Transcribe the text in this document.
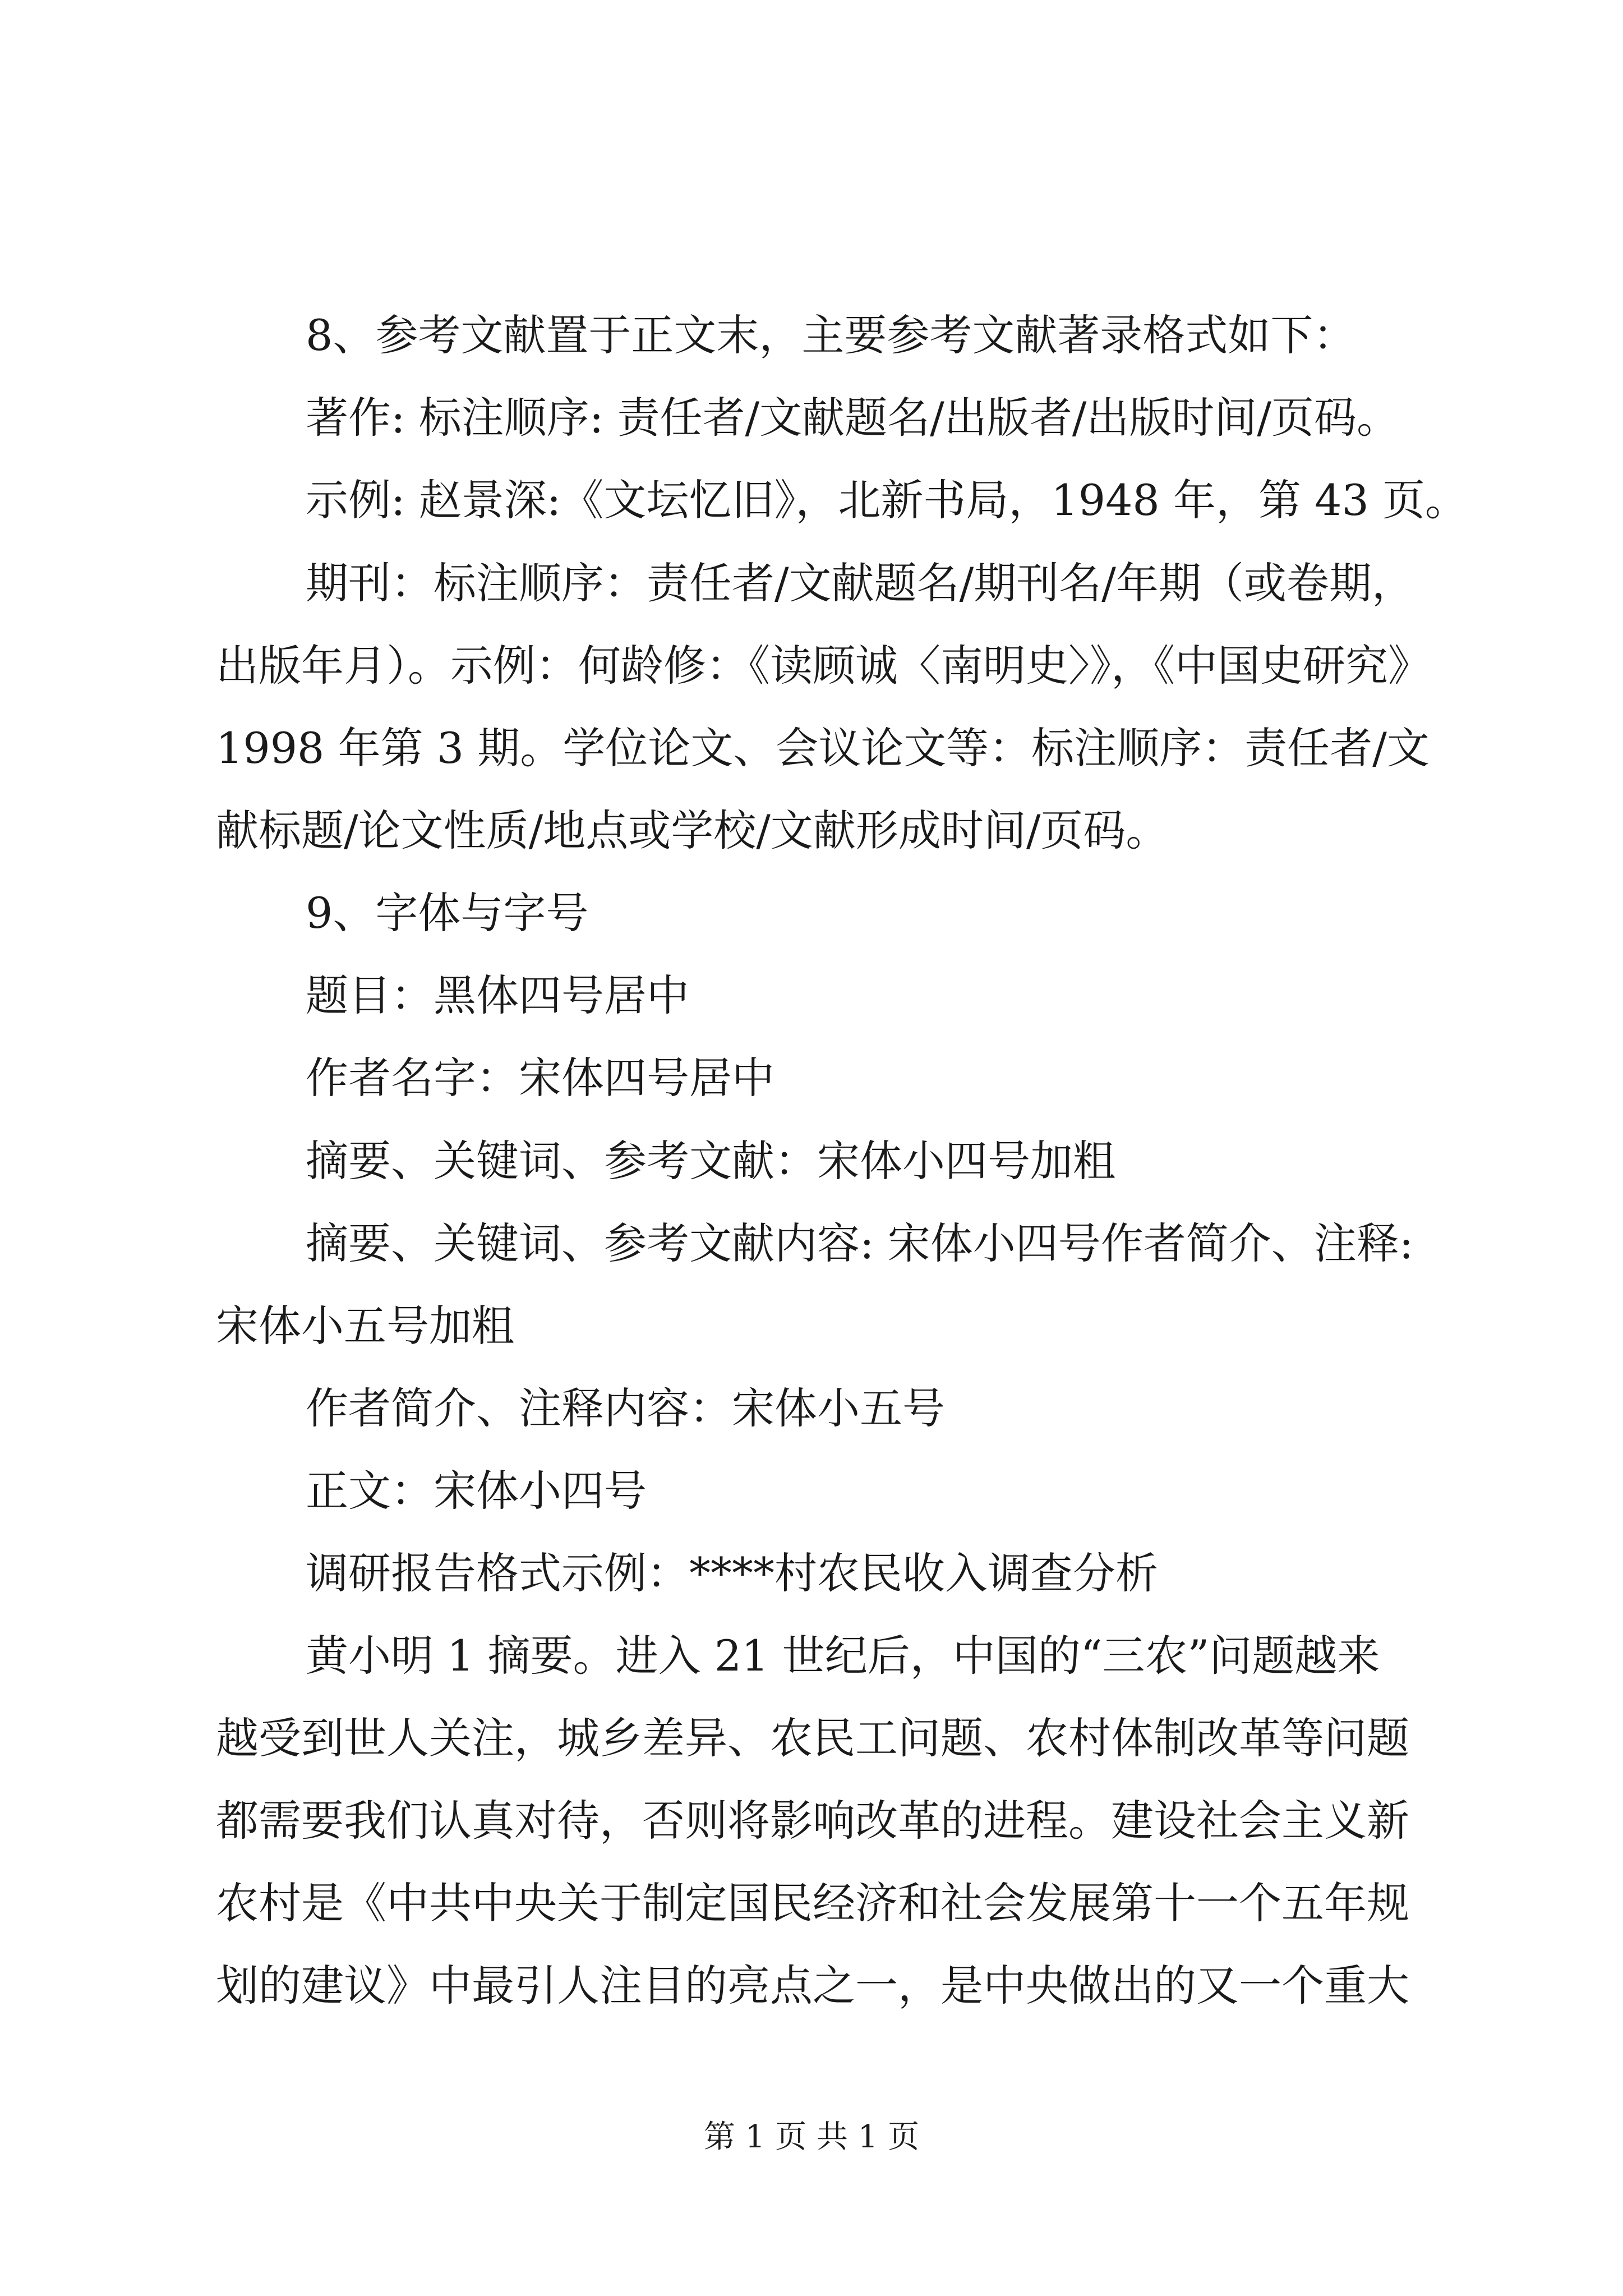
8、参考文献置于正文末，主要参考文献著录格式如下：
著作: 标注顺序: 责任者/文献题名/出版者/出版时间/页码。
示例: 赵景深:《文坛忆旧》，北新书局，1948 年，第 43 页。
期刊：标注顺序：责任者/文献题名/期刊名/年期（或卷期，
出版年月）。示例：何龄修：《读顾诚〈南明史〉》，《中国史研究》
1998 年第 3 期。学位论文、会议论文等：标注顺序：责任者/文
献标题/论文性质/地点或学校/文献形成时间/页码。
9、字体与字号
题目：黑体四号居中
作者名字：宋体四号居中
摘要、关键词、参考文献：宋体小四号加粗
摘要、关键词、参考文献内容: 宋体小四号作者简介、注释:
宋体小五号加粗
作者简介、注释内容：宋体小五号
正文：宋体小四号
调研报告格式示例：****村农民收入调查分析
黄小明 1 摘要。进入 21 世纪后，中国的“三农”问题越来
越受到世人关注，城乡差异、农民工问题、农村体制改革等问题
都需要我们认真对待，否则将影响改革的进程。建设社会主义新
农村是《中共中央关于制定国民经济和社会发展第十一个五年规
划的建议》中最引人注目的亮点之一，是中央做出的又一个重大
第 1 页 共 1 页
